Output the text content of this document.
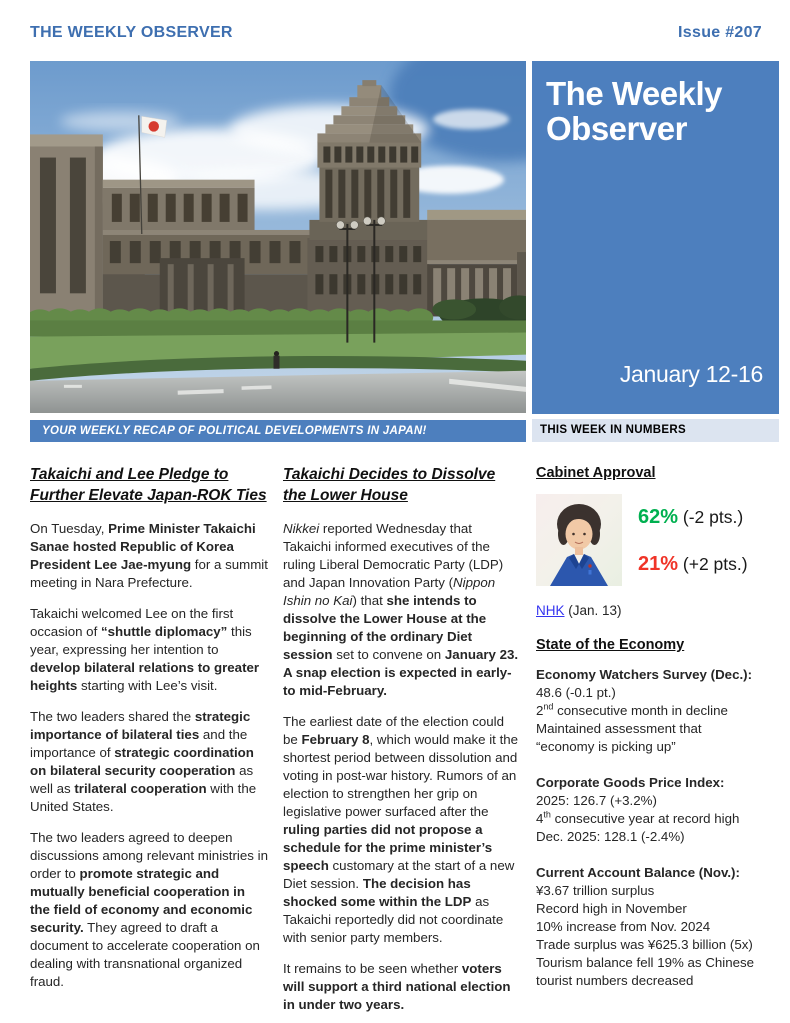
THE WEEKLY OBSERVER	Issue #207
The Weekly Observer
January 12-16
YOUR WEEKLY RECAP OF POLITICAL DEVELOPMENTS IN JAPAN!	THIS WEEK IN NUMBERS
Takaichi and Lee Pledge to Further Elevate Japan-ROK Ties

On Tuesday, Prime Minister Takaichi Sanae hosted Republic of Korea President Lee Jae-myung for a summit meeting in Nara Prefecture.

Takaichi welcomed Lee on the first occasion of “shuttle diplomacy” this year, expressing her intention to develop bilateral relations to greater heights starting with Lee’s visit.

The two leaders shared the strategic importance of bilateral ties and the importance of strategic coordination on bilateral security cooperation as well as trilateral cooperation with the United States.

The two leaders agreed to deepen discussions among relevant ministries in order to promote strategic and mutually beneficial cooperation in the field of economy and economic security. They agreed to draft a document to accelerate cooperation on dealing with transnational organized fraud.

Takaichi Decides to Dissolve the Lower House

Nikkei reported Wednesday that Takaichi informed executives of the ruling Liberal Democratic Party (LDP) and Japan Innovation Party (Nippon Ishin no Kai) that she intends to dissolve the Lower House at the beginning of the ordinary Diet session set to convene on January 23. A snap election is expected in early- to mid-February.

The earliest date of the election could be February 8, which would make it the shortest period between dissolution and voting in post-war history. Rumors of an election to strengthen her grip on legislative power surfaced after the ruling parties did not propose a schedule for the prime minister’s speech customary at the start of a new Diet session. The decision has shocked some within the LDP as Takaichi reportedly did not coordinate with senior party members.

It remains to be seen whether voters will support a third national election in under two years.

Cabinet Approval
62% (-2 pts.)
21% (+2 pts.)
NHK (Jan. 13)
State of the Economy
Economy Watchers Survey (Dec.):
48.6 (-0.1 pt.)
2nd consecutive month in decline
Maintained assessment that
“economy is picking up”
Corporate Goods Price Index:
2025: 126.7 (+3.2%)
4th consecutive year at record high
Dec. 2025: 128.1 (-2.4%)
Current Account Balance (Nov.):
¥3.67 trillion surplus
Record high in November
10% increase from Nov. 2024
Trade surplus was ¥625.3 billion (5x)
Tourism balance fell 19% as Chinese tourist numbers decreased
